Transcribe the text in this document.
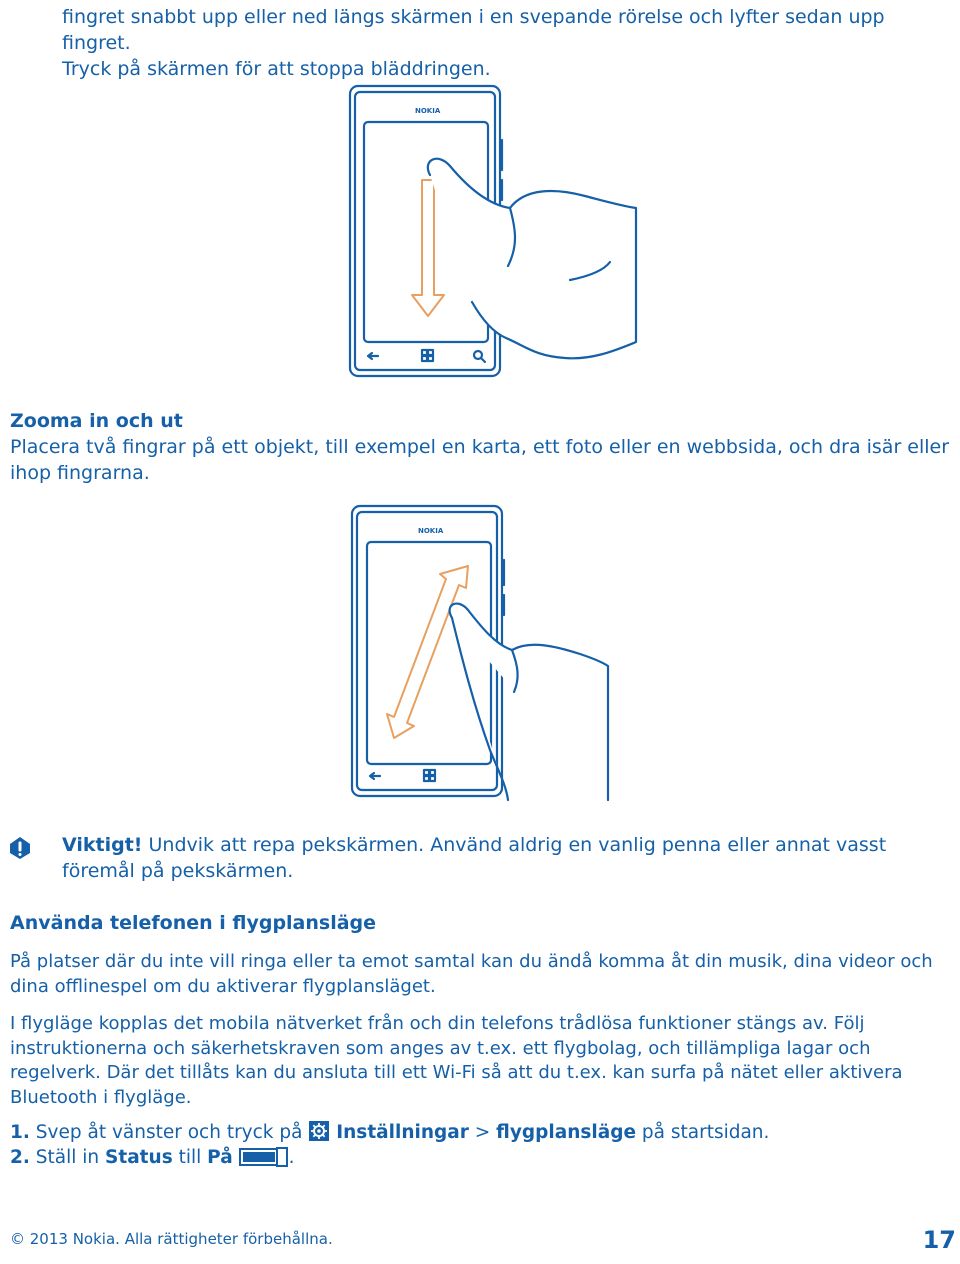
fingret snabbt upp eller ned längs skärmen i en svepande rörelse och lyfter sedan upp fingret.
Tryck på skärmen för att stoppa bläddringen.

NOKIA

Zooma in och ut

Placera två fingrar på ett objekt, till exempel en karta, ett foto eller en webbsida, och dra isär eller ihop fingrarna.

NOKIA

Viktigt! Undvik att repa pekskärmen. Använd aldrig en vanlig penna eller annat vasst föremål på pekskärmen.

Använda telefonen i flygplansläge

På platser där du inte vill ringa eller ta emot samtal kan du ändå komma åt din musik, dina videor och dina offlinespel om du aktiverar flygplansläget.

I flygläge kopplas det mobila nätverket från och din telefons trådlösa funktioner stängs av. Följ instruktionerna och säkerhetskraven som anges av t.ex. ett flygbolag, och tillämpliga lagar och regelverk. Där det tillåts kan du ansluta till ett Wi-Fi så att du t.ex. kan surfa på nätet eller aktivera Bluetooth i flygläge.

1. Svep åt vänster och tryck på  Inställningar > flygplansläge på startsidan.
2. Ställ in Status till På	.
© 2013 Nokia. Alla rättigheter förbehållna.	17
